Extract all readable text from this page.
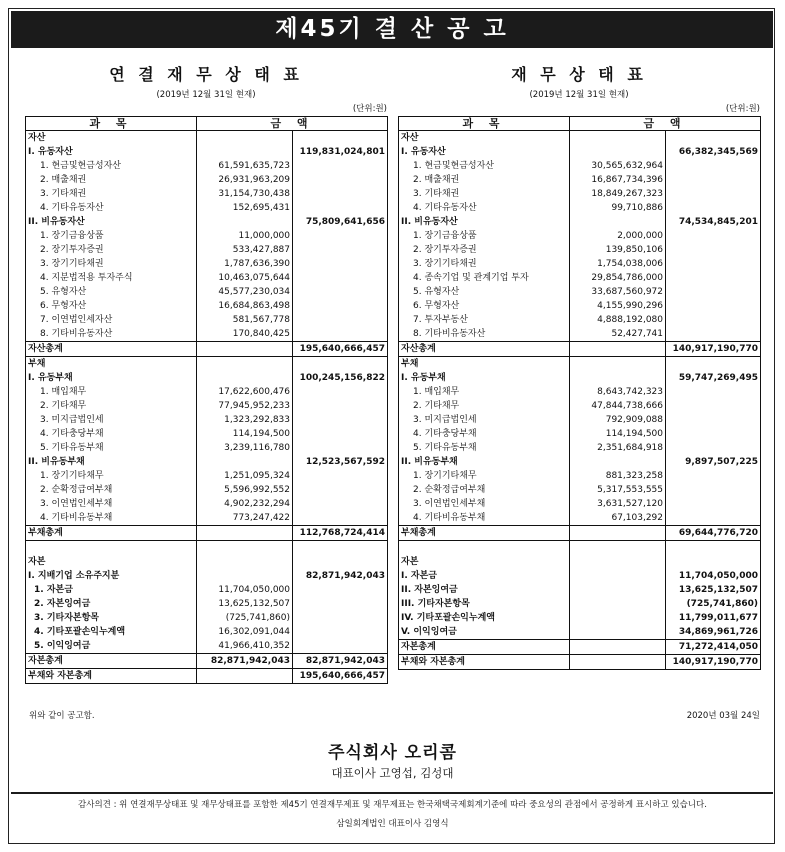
제45기 결 산 공 고
연 결 재 무 상 태 표
(2019년 12월 31일 현재)
(단위:원)
과 목	금 액	
자산		
I. 유동자산		119,831,024,801
1. 현금및현금성자산	61,591,635,723	
2. 매출채권	26,931,963,209	
3. 기타채권	31,154,730,438	
4. 기타유동자산	152,695,431	
II. 비유동자산		75,809,641,656
1. 장기금융상품	11,000,000	
2. 장기투자증권	533,427,887	
3. 장기기타채권	1,787,636,390	
4. 지분법적용 투자주식	10,463,075,644	
5. 유형자산	45,577,230,034	
6. 무형자산	16,684,863,498	
7. 이연법인세자산	581,567,778	
8. 기타비유동자산	170,840,425	
자산총계		195,640,666,457
부채		
I. 유동부채		100,245,156,822
1. 매입채무	17,622,600,476	
2. 기타채무	77,945,952,233	
3. 미지급법인세	1,323,292,833	
4. 기타충당부채	114,194,500	
5. 기타유동부채	3,239,116,780	
II. 비유동부채		12,523,567,592
1. 장기기타채무	1,251,095,324	
2. 순확정급여부채	5,596,992,552	
3. 이연법인세부채	4,902,232,294	
4. 기타비유동부채	773,247,422	
부채총계		112,768,724,414

자본		
I. 지배기업 소유주지분		82,871,942,043
1. 자본금	11,704,050,000	
2. 자본잉여금	13,625,132,507	
3. 기타자본항목	(725,741,860)	
4. 기타포괄손익누계액	16,302,091,044	
5. 이익잉여금	41,966,410,352	
자본총계	82,871,942,043	82,871,942,043
부채와 자본총계		195,640,666,457
재 무 상 태 표
(2019년 12월 31일 현재)
(단위:원)
과 목	금 액	
자산		
I. 유동자산		66,382,345,569
1. 현금및현금성자산	30,565,632,964	
2. 매출채권	16,867,734,396	
3. 기타채권	18,849,267,323	
4. 기타유동자산	99,710,886	
II. 비유동자산		74,534,845,201
1. 장기금융상품	2,000,000	
2. 장기투자증권	139,850,106	
3. 장기기타채권	1,754,038,006	
4. 종속기업 및 관계기업 투자	29,854,786,000	
5. 유형자산	33,687,560,972	
6. 무형자산	4,155,990,296	
7. 투자부동산	4,888,192,080	
8. 기타비유동자산	52,427,741	
자산총계		140,917,190,770
부채		
I. 유동부채		59,747,269,495
1. 매입채무	8,643,742,323	
2. 기타채무	47,844,738,666	
3. 미지급법인세	792,909,088	
4. 기타충당부채	114,194,500	
5. 기타유동부채	2,351,684,918	
II. 비유동부채		9,897,507,225
1. 장기기타채무	881,323,258	
2. 순확정급여부채	5,317,553,555	
3. 이연법인세부채	3,631,527,120	
4. 기타비유동부채	67,103,292	
부채총계		69,644,776,720

자본		
I. 자본금		11,704,050,000
II. 자본잉여금		13,625,132,507
III. 기타자본항목		(725,741,860)
IV. 기타포괄손익누계액		11,799,011,677
V. 이익잉여금		34,869,961,726
자본총계		71,272,414,050
부채와 자본총계		140,917,190,770
위와 같이 공고함.	2020년 03월 24일
주식회사 오리콤
대표이사 고영섭, 김성대
감사의견 : 위 연결재무상태표 및 재무상태표를 포함한 제45기 연결재무제표 및 재무제표는 한국채택국제회계기준에 따라 중요성의 관점에서 공정하게 표시하고 있습니다.
삼일회계법인 대표이사 김영식
